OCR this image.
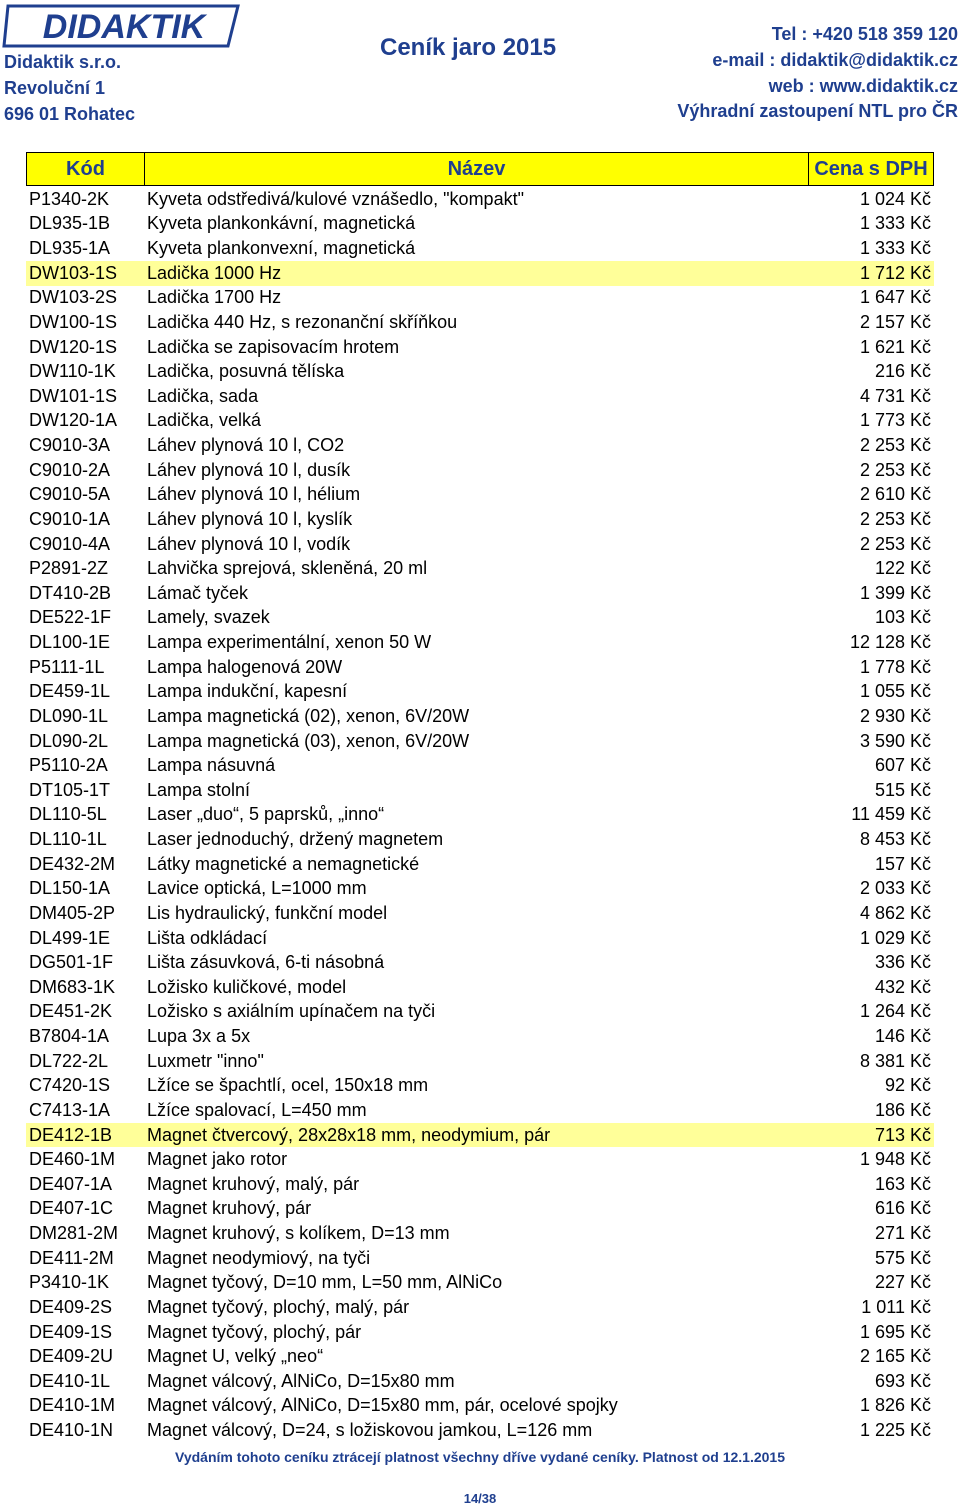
DIDAKTIK
Didaktik s.r.o.
Revoluční 1
696 01 Rohatec
Ceník jaro 2015	Tel : +420 518 359 120
e-mail : didaktik@didaktik.cz
web : www.didaktik.cz
Výhradní zastoupení NTL pro ČR
Kód	Název	Cena s DPH
P1340-2K	Kyveta odstředivá/kulové vznášedlo, "kompakt"	1 024 Kč
DL935-1B	Kyveta plankonkávní, magnetická	1 333 Kč
DL935-1A	Kyveta plankonvexní, magnetická	1 333 Kč
DW103-1S	Ladička 1000 Hz	1 712 Kč
DW103-2S	Ladička 1700 Hz	1 647 Kč
DW100-1S	Ladička 440 Hz, s rezonanční skříňkou	2 157 Kč
DW120-1S	Ladička se zapisovacím hrotem	1 621 Kč
DW110-1K	Ladička, posuvná tělíska	216 Kč
DW101-1S	Ladička, sada	4 731 Kč
DW120-1A	Ladička, velká	1 773 Kč
C9010-3A	Láhev plynová 10 l, CO2	2 253 Kč
C9010-2A	Láhev plynová 10 l, dusík	2 253 Kč
C9010-5A	Láhev plynová 10 l, hélium	2 610 Kč
C9010-1A	Láhev plynová 10 l, kyslík	2 253 Kč
C9010-4A	Láhev plynová 10 l, vodík	2 253 Kč
P2891-2Z	Lahvička sprejová, skleněná, 20 ml	122 Kč
DT410-2B	Lámač tyček	1 399 Kč
DE522-1F	Lamely, svazek	103 Kč
DL100-1E	Lampa experimentální, xenon 50 W	12 128 Kč
P5111-1L	Lampa halogenová 20W	1 778 Kč
DE459-1L	Lampa indukční, kapesní	1 055 Kč
DL090-1L	Lampa magnetická (02), xenon, 6V/20W	2 930 Kč
DL090-2L	Lampa magnetická (03), xenon, 6V/20W	3 590 Kč
P5110-2A	Lampa násuvná	607 Kč
DT105-1T	Lampa stolní	515 Kč
DL110-5L	Laser „duo“, 5 paprsků, „inno“	11 459 Kč
DL110-1L	Laser jednoduchý, držený magnetem	8 453 Kč
DE432-2M	Látky magnetické a nemagnetické	157 Kč
DL150-1A	Lavice optická, L=1000 mm	2 033 Kč
DM405-2P	Lis hydraulický, funkční model	4 862 Kč
DL499-1E	Lišta odkládací	1 029 Kč
DG501-1F	Lišta zásuvková, 6-ti násobná	336 Kč
DM683-1K	Ložisko kuličkové, model	432 Kč
DE451-2K	Ložisko s axiálním upínačem na tyči	1 264 Kč
B7804-1A	Lupa 3x a 5x	146 Kč
DL722-2L	Luxmetr "inno"	8 381 Kč
C7420-1S	Lžíce se špachtlí, ocel, 150x18 mm	92 Kč
C7413-1A	Lžíce spalovací, L=450 mm	186 Kč
DE412-1B	Magnet čtvercový, 28x28x18 mm, neodymium, pár	713 Kč
DE460-1M	Magnet jako rotor	1 948 Kč
DE407-1A	Magnet kruhový, malý, pár	163 Kč
DE407-1C	Magnet kruhový, pár	616 Kč
DM281-2M	Magnet kruhový, s kolíkem, D=13 mm	271 Kč
DE411-2M	Magnet neodymiový, na tyči	575 Kč
P3410-1K	Magnet tyčový, D=10 mm, L=50 mm, AlNiCo	227 Kč
DE409-2S	Magnet tyčový, plochý, malý, pár	1 011 Kč
DE409-1S	Magnet tyčový, plochý, pár	1 695 Kč
DE409-2U	Magnet U, velký „neo“	2 165 Kč
DE410-1L	Magnet válcový, AlNiCo, D=15x80 mm	693 Kč
DE410-1M	Magnet válcový, AlNiCo, D=15x80 mm, pár, ocelové spojky	1 826 Kč
DE410-1N	Magnet válcový, D=24, s ložiskovou jamkou, L=126 mm	1 225 Kč
Vydáním tohoto ceníku ztrácejí platnost všechny dříve vydané ceníky. Platnost od 12.1.2015
14/38
